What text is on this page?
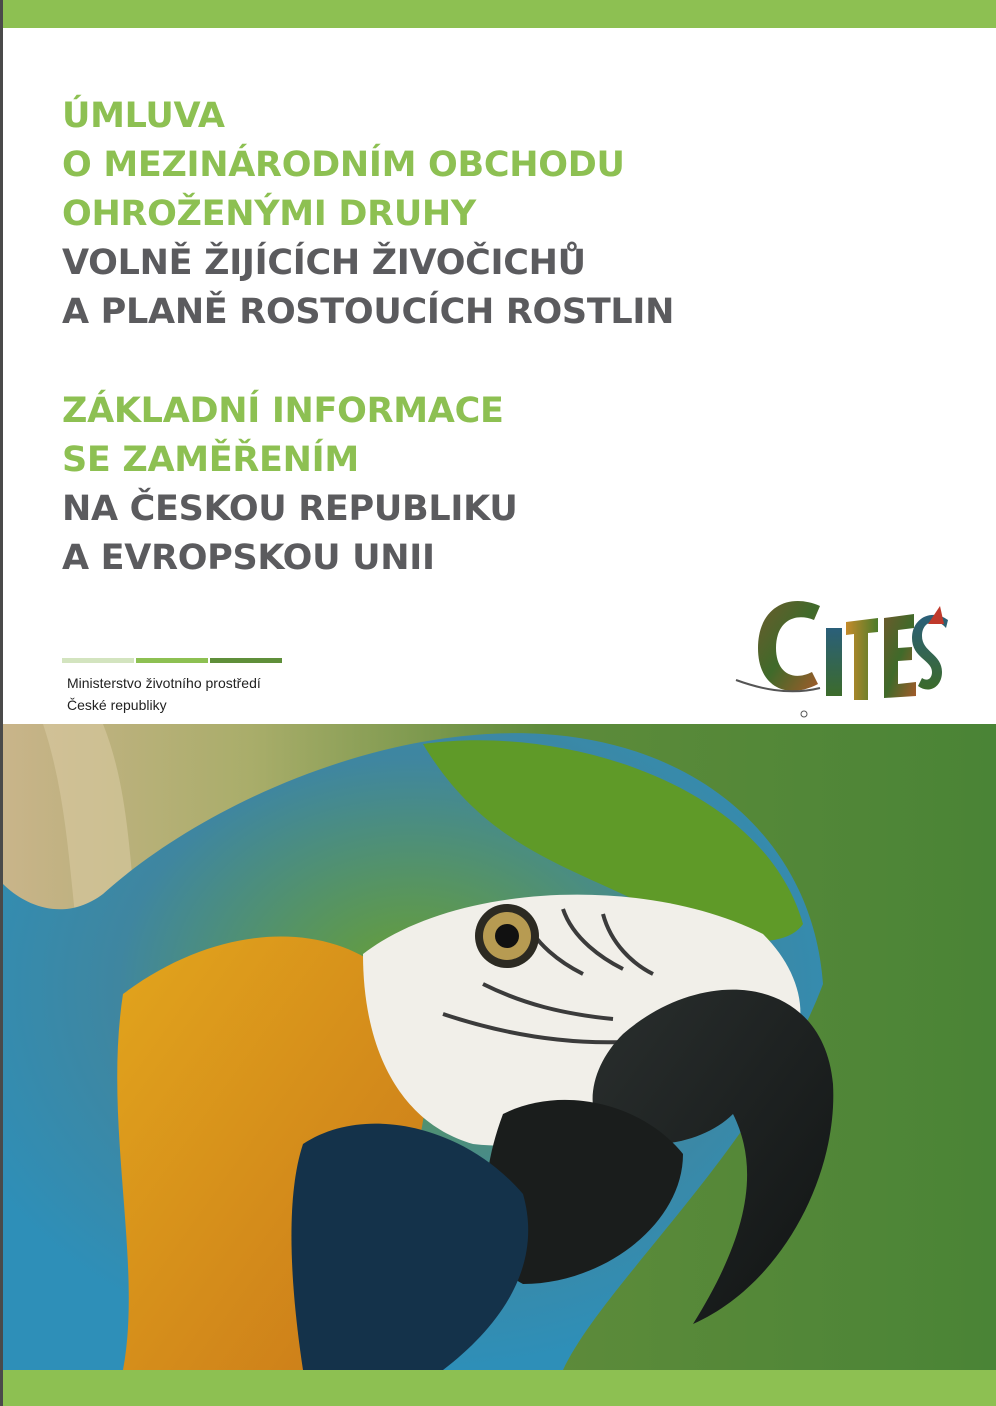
ÚMLUVA

O MEZINÁRODNÍM OBCHODU

OHROŽENÝMI DRUHY

VOLNĚ ŽIJÍCÍCH ŽIVOČICHŮ

A PLANĚ ROSTOUCÍCH ROSTLIN

ZÁKLADNÍ INFORMACE

SE ZAMĚŘENÍM

NA ČESKOU REPUBLIKU

A EVROPSKOU UNII

Ministerstvo životního prostředí
České republiky
